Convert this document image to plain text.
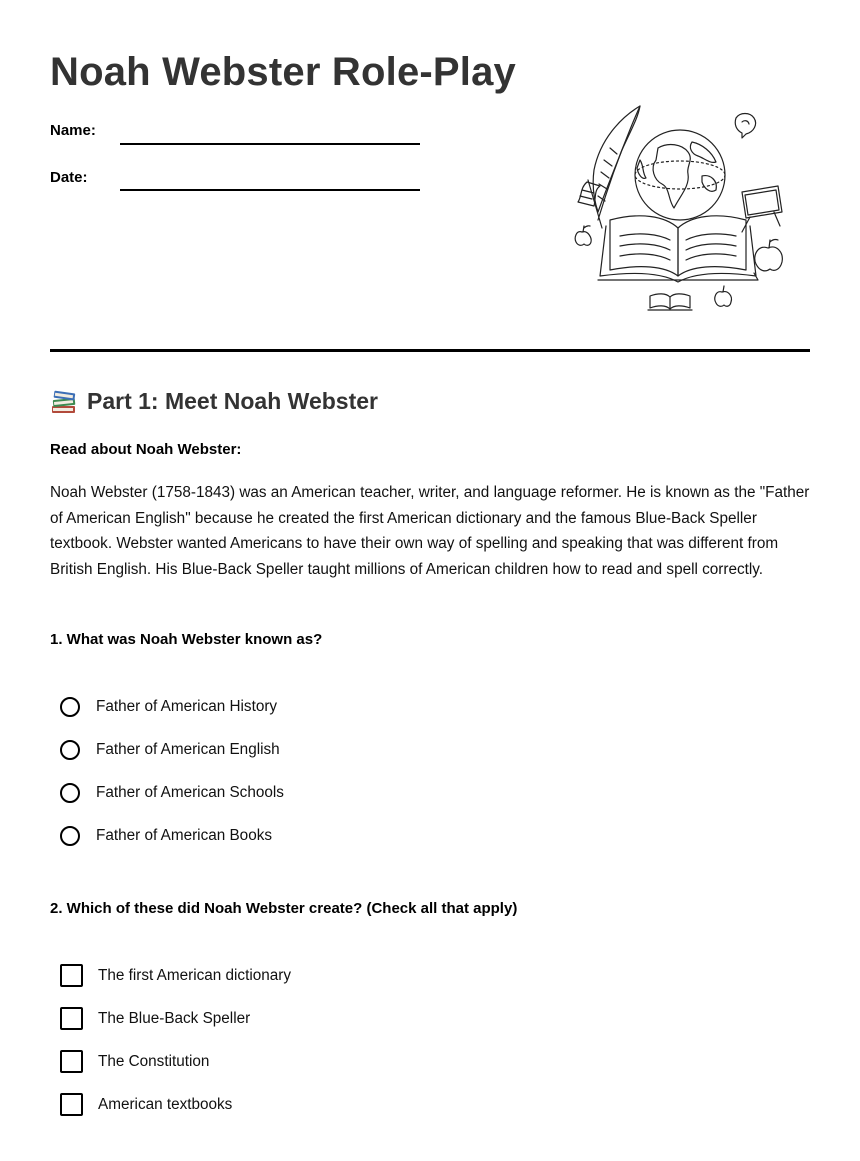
Noah Webster Role-Play
Name:
Date:
Part 1: Meet Noah Webster
Read about Noah Webster:

Noah Webster (1758-1843) was an American teacher, writer, and language reformer. He is known as the "Father of American English" because he created the first American dictionary and the famous Blue-Back Speller textbook. Webster wanted Americans to have their own way of spelling and speaking that was different from British English. His Blue-Back Speller taught millions of American children how to read and spell correctly.

1. What was Noah Webster known as?
Father of American History
Father of American English
Father of American Schools
Father of American Books
2. Which of these did Noah Webster create? (Check all that apply)
The first American dictionary
The Blue-Back Speller
The Constitution
American textbooks
